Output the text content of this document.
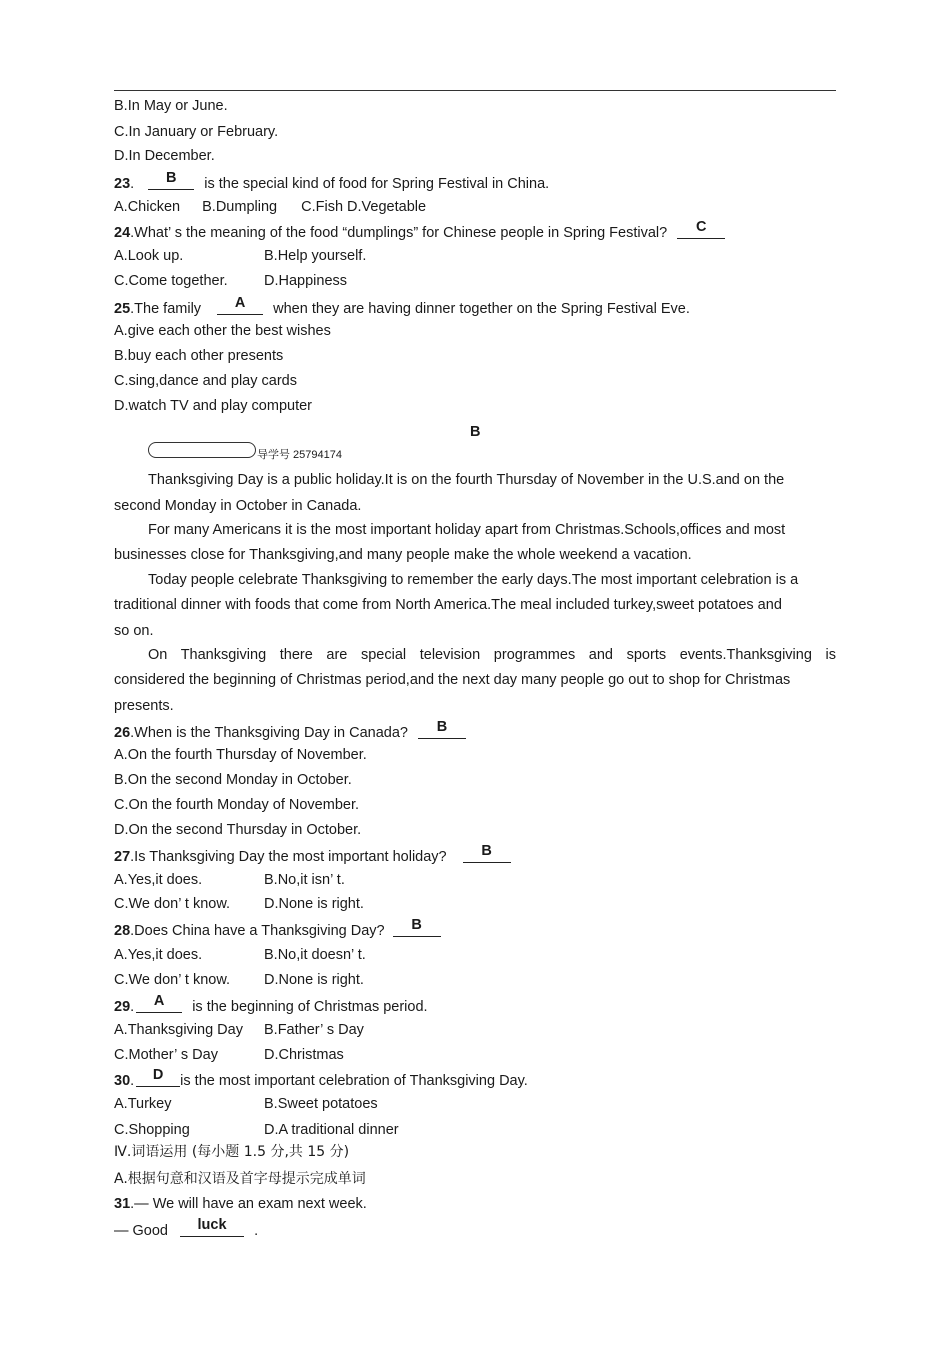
B.In May or June.
C.In January or February.
D.In December.
23.	B	is the special kind of food for Spring Festival in China.
A.Chicken B.Dumpling C.Fish D.Vegetable
24.What’ s the meaning of the food “dumplings” for Chinese people in Spring Festival?	C
A.Look up.	B.Help yourself.
C.Come together.	D.Happiness
25.The family	A	when they are having dinner together on the Spring Festival Eve.
A.give each other the best wishes
B.buy each other presents
C.sing,dance and play cards
D.watch TV and play computer
B
导学号 25794174
Thanksgiving Day is a public holiday.It is on the fourth Thursday of November in the U.S.and on the
second Monday in October in Canada.
For many Americans it is the most important holiday apart from Christmas.Schools,offices and most
businesses close for Thanksgiving,and many people make the whole weekend a vacation.
Today people celebrate Thanksgiving to remember the early days.The most important celebration is a
traditional dinner with foods that come from North America.The meal included turkey,sweet potatoes and
so on.
On Thanksgiving there are special television programmes and sports events.Thanksgiving is
considered the beginning of Christmas period,and the next day many people go out to shop for Christmas
presents.
26.When is the Thanksgiving Day in Canada?	B
A.On the fourth Thursday of November.
B.On the second Monday in October.
C.On the fourth Monday of November.
D.On the second Thursday in October.
27.Is Thanksgiving Day the most important holiday?	B
A.Yes,it does.	B.No,it isn’ t.
C.We don’ t know. D.None is right.
28.Does China have a Thanksgiving Day?	B
A.Yes,it does.	B.No,it doesn’ t.
C.We don’ t know. D.None is right.
29.	A	is the beginning of Christmas period.
A.Thanksgiving Day B.Father’ s Day
C.Mother’ s Day	D.Christmas
30.	D	is the most important celebration of Thanksgiving Day.
A.Turkey	B.Sweet potatoes
C.Shopping	D.A traditional dinner
Ⅳ.词语运用 (每小题 1.5 分,共 15 分)
A.根据句意和汉语及首字母提示完成单词
31.— We will have an exam next week.
— Good	luck	.
